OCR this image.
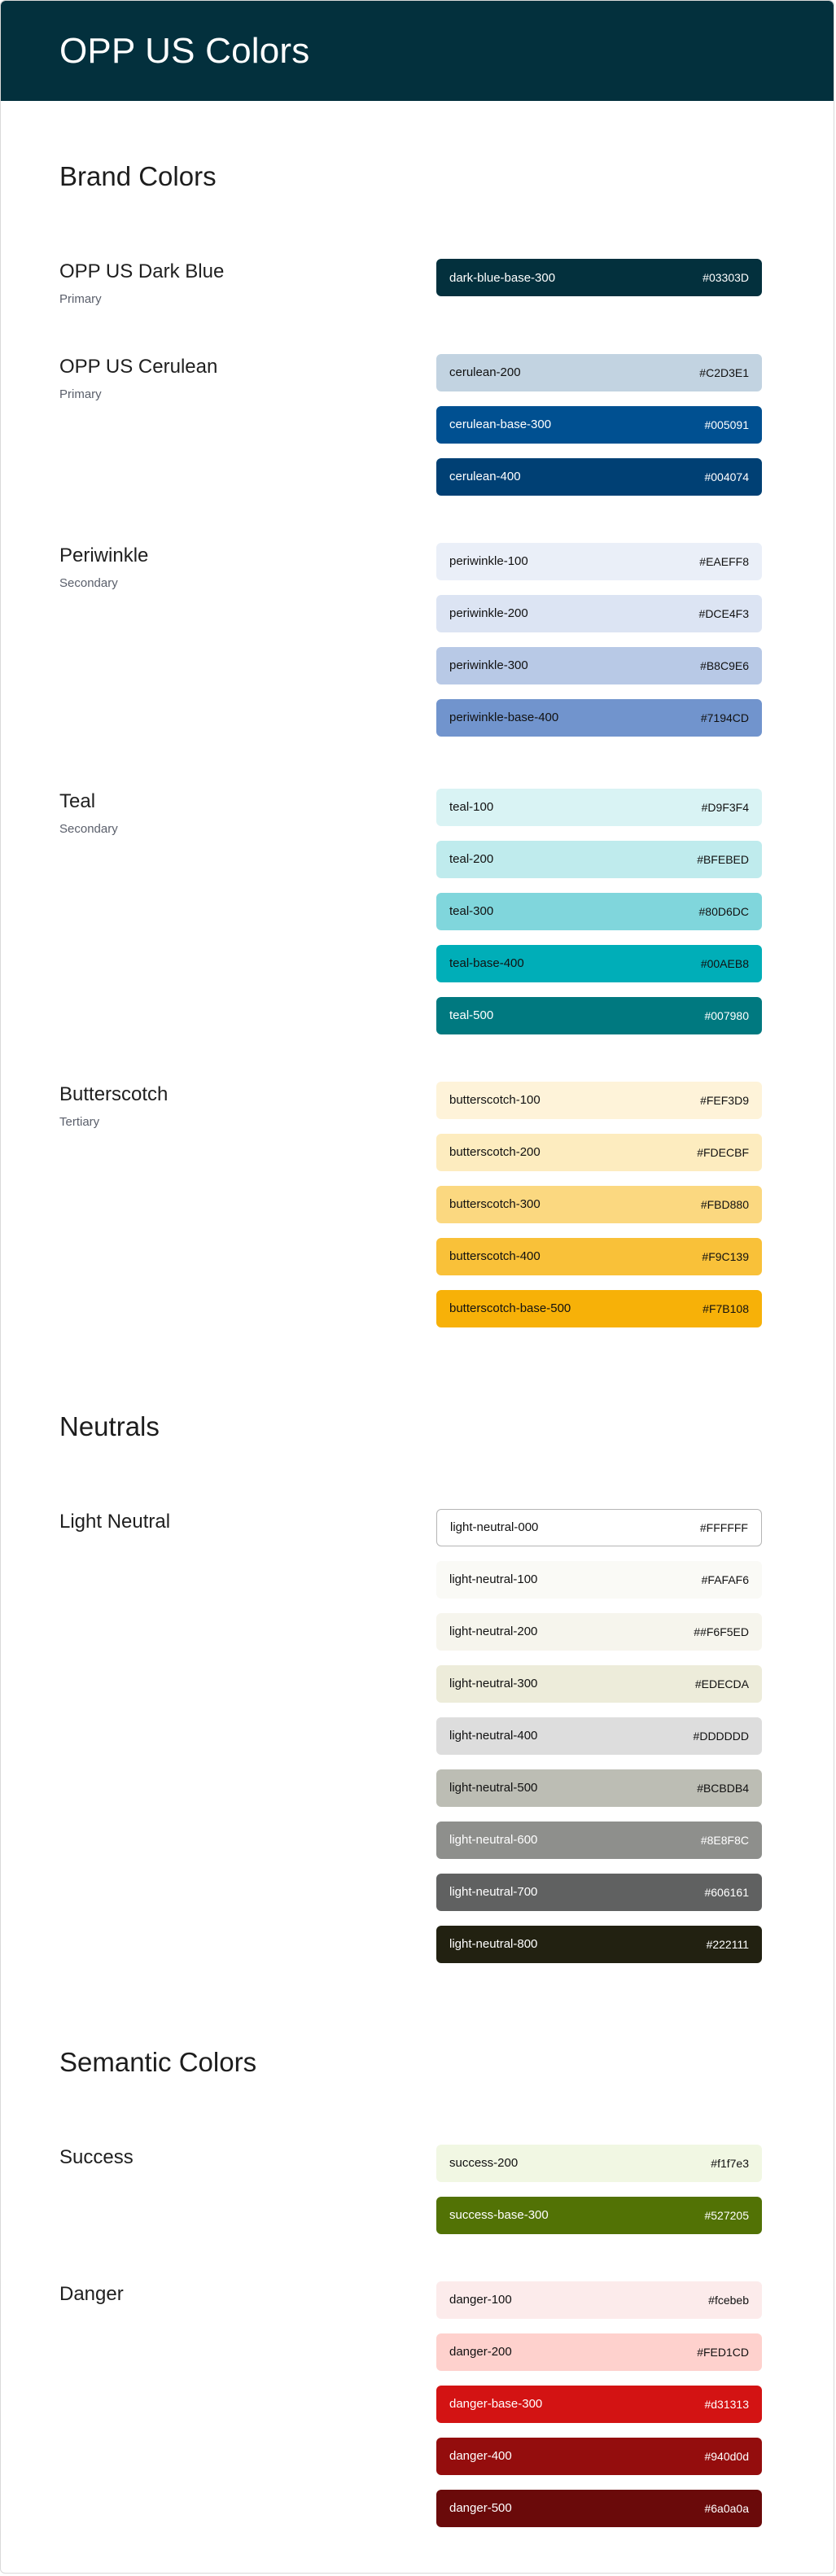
OPP US Colors
Brand Colors
OPP US Dark Blue
Primary
dark-blue-base-300	#03303D
OPP US Cerulean
Primary
cerulean-200	#C2D3E1
cerulean-base-300	#005091
cerulean-400	#004074
Periwinkle
Secondary
periwinkle-100	#EAEFF8
periwinkle-200	#DCE4F3
periwinkle-300	#B8C9E6
periwinkle-base-400	#7194CD
Teal
Secondary
teal-100	#D9F3F4
teal-200	#BFEBED
teal-300	#80D6DC
teal-base-400	#00AEB8
teal-500	#007980
Butterscotch
Tertiary
butterscotch-100	#FEF3D9
butterscotch-200	#FDECBF
butterscotch-300	#FBD880
butterscotch-400	#F9C139
butterscotch-base-500	#F7B108
Neutrals
Light Neutral	light-neutral-000	#FFFFFF
light-neutral-100	#FAFAF6
light-neutral-200	##F6F5ED
light-neutral-300	#EDECDA
light-neutral-400	#DDDDDD
light-neutral-500	#BCBDB4
light-neutral-600	#8E8F8C
light-neutral-700	#606161
light-neutral-800	#222111
Semantic Colors
Success	success-200	#f1f7e3
success-base-300	#527205
Danger	danger-100	#fcebeb
danger-200	#FED1CD
danger-base-300	#d31313
danger-400	#940d0d
danger-500	#6a0a0a
